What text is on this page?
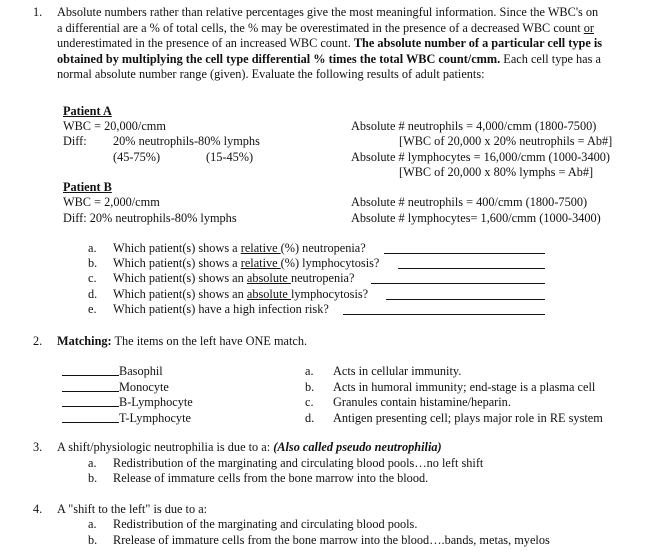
1. Absolute numbers rather than relative percentages give the most meaningful information. Since the WBC's on
a differential are a % of total cells, the % may be overestimated in the presence of a decreased WBC count or
underestimated in the presence of an increased WBC count. The absolute number of a particular cell type is
obtained by multiplying the cell type differential % times the total WBC count/cmm. Each cell type has a
normal absolute number range (given). Evaluate the following results of adult patients:
Patient A
WBC = 20,000/cmm
Diff: 20% neutrophils-80% lymphs
(45-75%)	(15-45%)
Absolute # neutrophils = 4,000/cmm (1800-7500)
[WBC of 20,000 x 20% neutrophils = Ab#]
Absolute # lymphocytes = 16,000/cmm (1000-3400)
[WBC of 20,000 x 80% lymphs = Ab#]
Patient B
WBC = 2,000/cmm
Diff: 20% neutrophils-80% lymphs
Absolute # neutrophils = 400/cmm (1800-7500)
Absolute # lymphocytes= 1,600/cmm (1000-3400)
a. Which patient(s) shows a relative (%) neutropenia?
b. Which patient(s) shows a relative (%) lymphocytosis?
c. Which patient(s) shows an absolute neutropenia?
d. Which patient(s) shows an absolute lymphocytosis?
e. Which patient(s) have a high infection risk?
2. Matching: The items on the left have ONE match.
Basophil
Monocyte
B-Lymphocyte
T-Lymphocyte
a. Acts in cellular immunity.
b. Acts in humoral immunity; end-stage is a plasma cell
c. Granules contain histamine/heparin.
d. Antigen presenting cell; plays major role in RE system
3. A shift/physiologic neutrophilia is due to a: (Also called pseudo neutrophilia)
a. Redistribution of the marginating and circulating blood pools…no left shift
b. Release of immature cells from the bone marrow into the blood.
4. A "shift to the left" is due to a:
a. Redistribution of the marginating and circulating blood pools.
b. Rrelease of immature cells from the bone marrow into the blood….bands, metas, myelos
